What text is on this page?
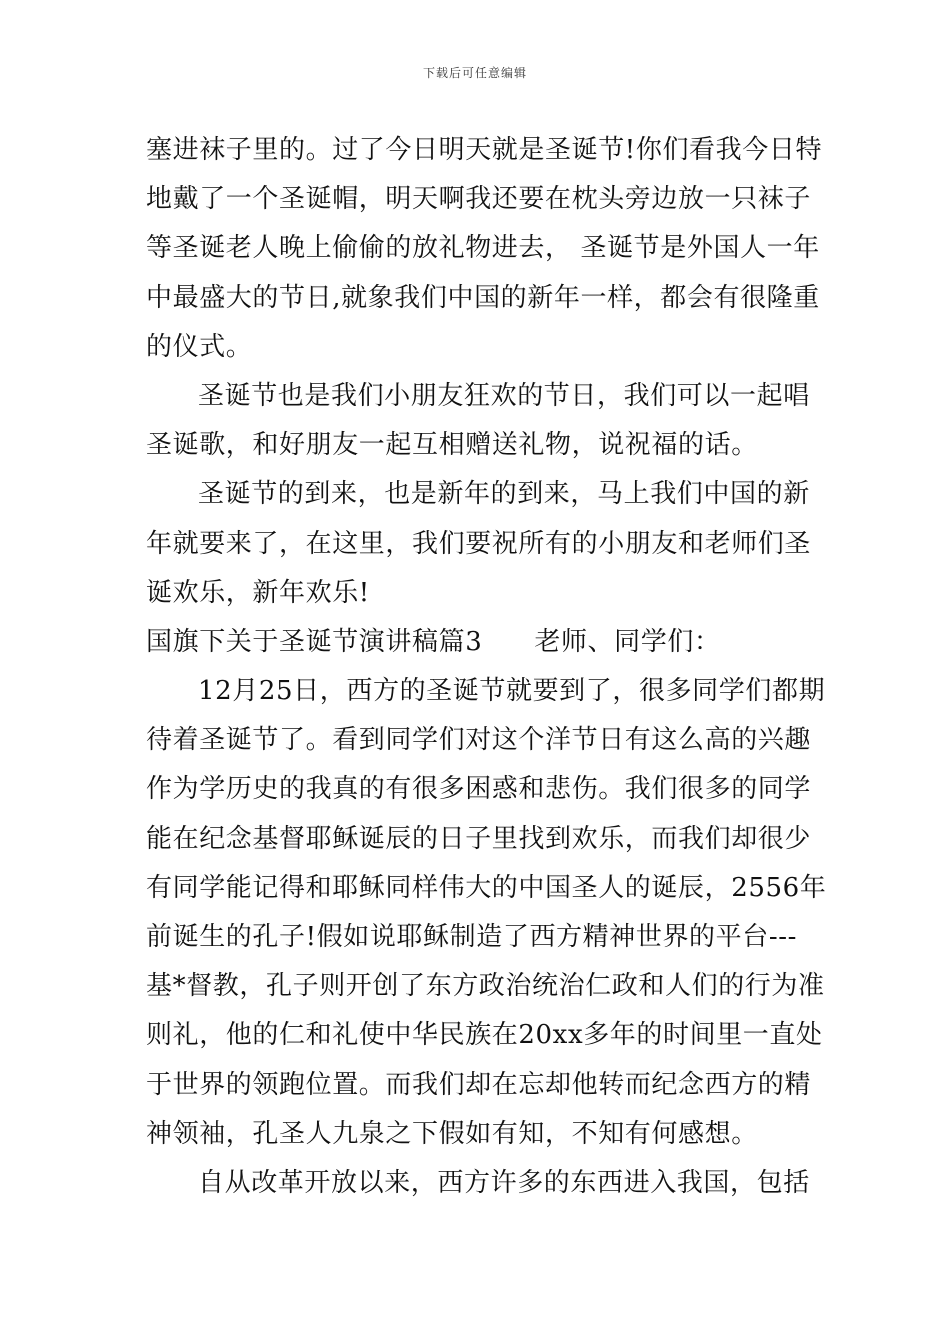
下载后可任意编辑
塞进袜子里的。过了今日明天就是圣诞节!你们看我今日特
地戴了一个圣诞帽，明天啊我还要在枕头旁边放一只袜子
等圣诞老人晚上偷偷的放礼物进去， 圣诞节是外国人一年
中最盛大的节日,就象我们中国的新年一样，都会有很隆重
的仪式。
圣诞节也是我们小朋友狂欢的节日，我们可以一起唱
圣诞歌，和好朋友一起互相赠送礼物，说祝福的话。
圣诞节的到来，也是新年的到来，马上我们中国的新
年就要来了，在这里，我们要祝所有的小朋友和老师们圣
诞欢乐，新年欢乐!
国旗下关于圣诞节演讲稿篇3 老师、同学们：
12月25日，西方的圣诞节就要到了，很多同学们都期
待着圣诞节了。看到同学们对这个洋节日有这么高的兴趣
作为学历史的我真的有很多困惑和悲伤。我们很多的同学
能在纪念基督耶稣诞辰的日子里找到欢乐，而我们却很少
有同学能记得和耶稣同样伟大的中国圣人的诞辰，2556年
前诞生的孔子!假如说耶稣制造了西方精神世界的平台---
基*督教，孔子则开创了东方政治统治仁政和人们的行为准
则礼，他的仁和礼使中华民族在20xx多年的时间里一直处
于世界的领跑位置。而我们却在忘却他转而纪念西方的精
神领袖，孔圣人九泉之下假如有知，不知有何感想。
自从改革开放以来，西方许多的东西进入我国，包括
